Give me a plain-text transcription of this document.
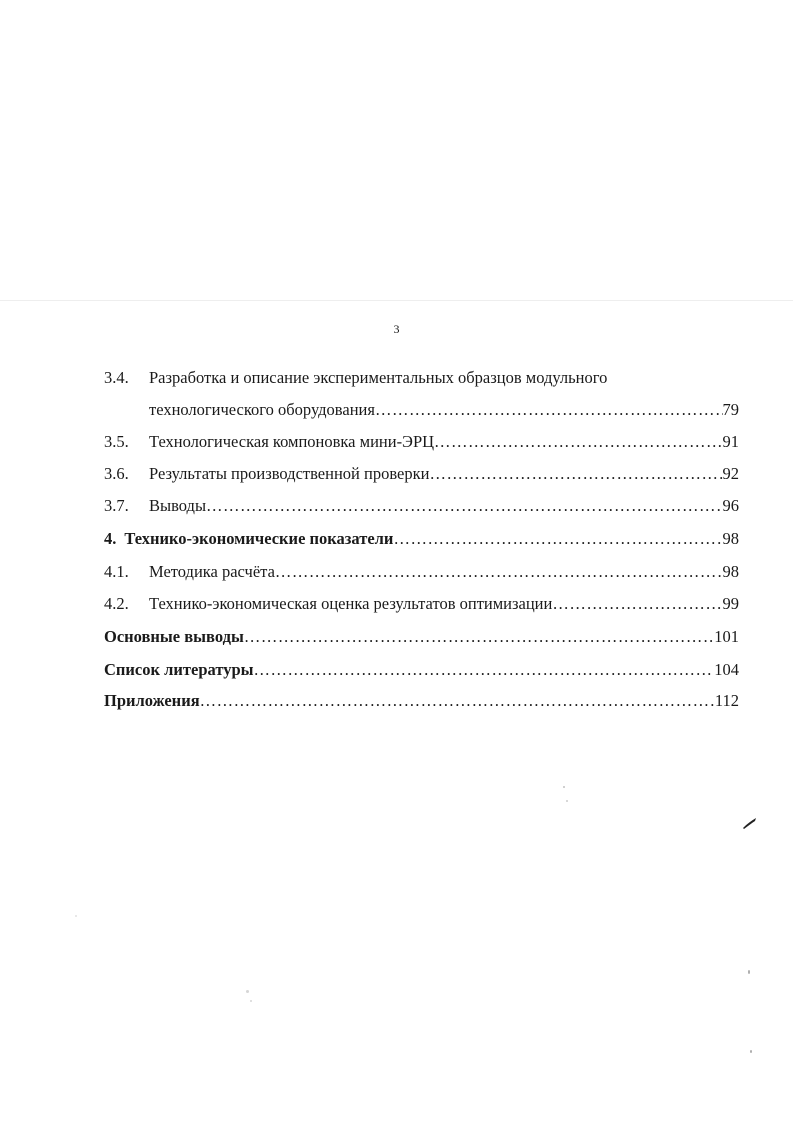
3
3.4.	Разработка и описание экспериментальных образцов модульного
технологического оборудования …………………………………………………………………………………………………………………………………………………………………………	79
3.5.	Технологическая компоновка мини-ЭРЦ …………………………………………………………………………………………………………………………………………………………………………	91
3.6.	Результаты производственной проверки …………………………………………………………………………………………………………………………………………………………………………	92
3.7.	Выводы …………………………………………………………………………………………………………………………………………………………………………	96
4. Технико-экономические показатели …………………………………………………………………………………………………………………………………………………………………………	98
4.1.	Методика расчёта …………………………………………………………………………………………………………………………………………………………………………	98
4.2.	Технико-экономическая оценка результатов оптимизации …………………………………………………………………………………………………………………………………………………………………………	99
Основные выводы …………………………………………………………………………………………………………………………………………………………………………	101
Список литературы …………………………………………………………………………………………………………………………………………………………………………	104
Приложения …………………………………………………………………………………………………………………………………………………………………………	112
